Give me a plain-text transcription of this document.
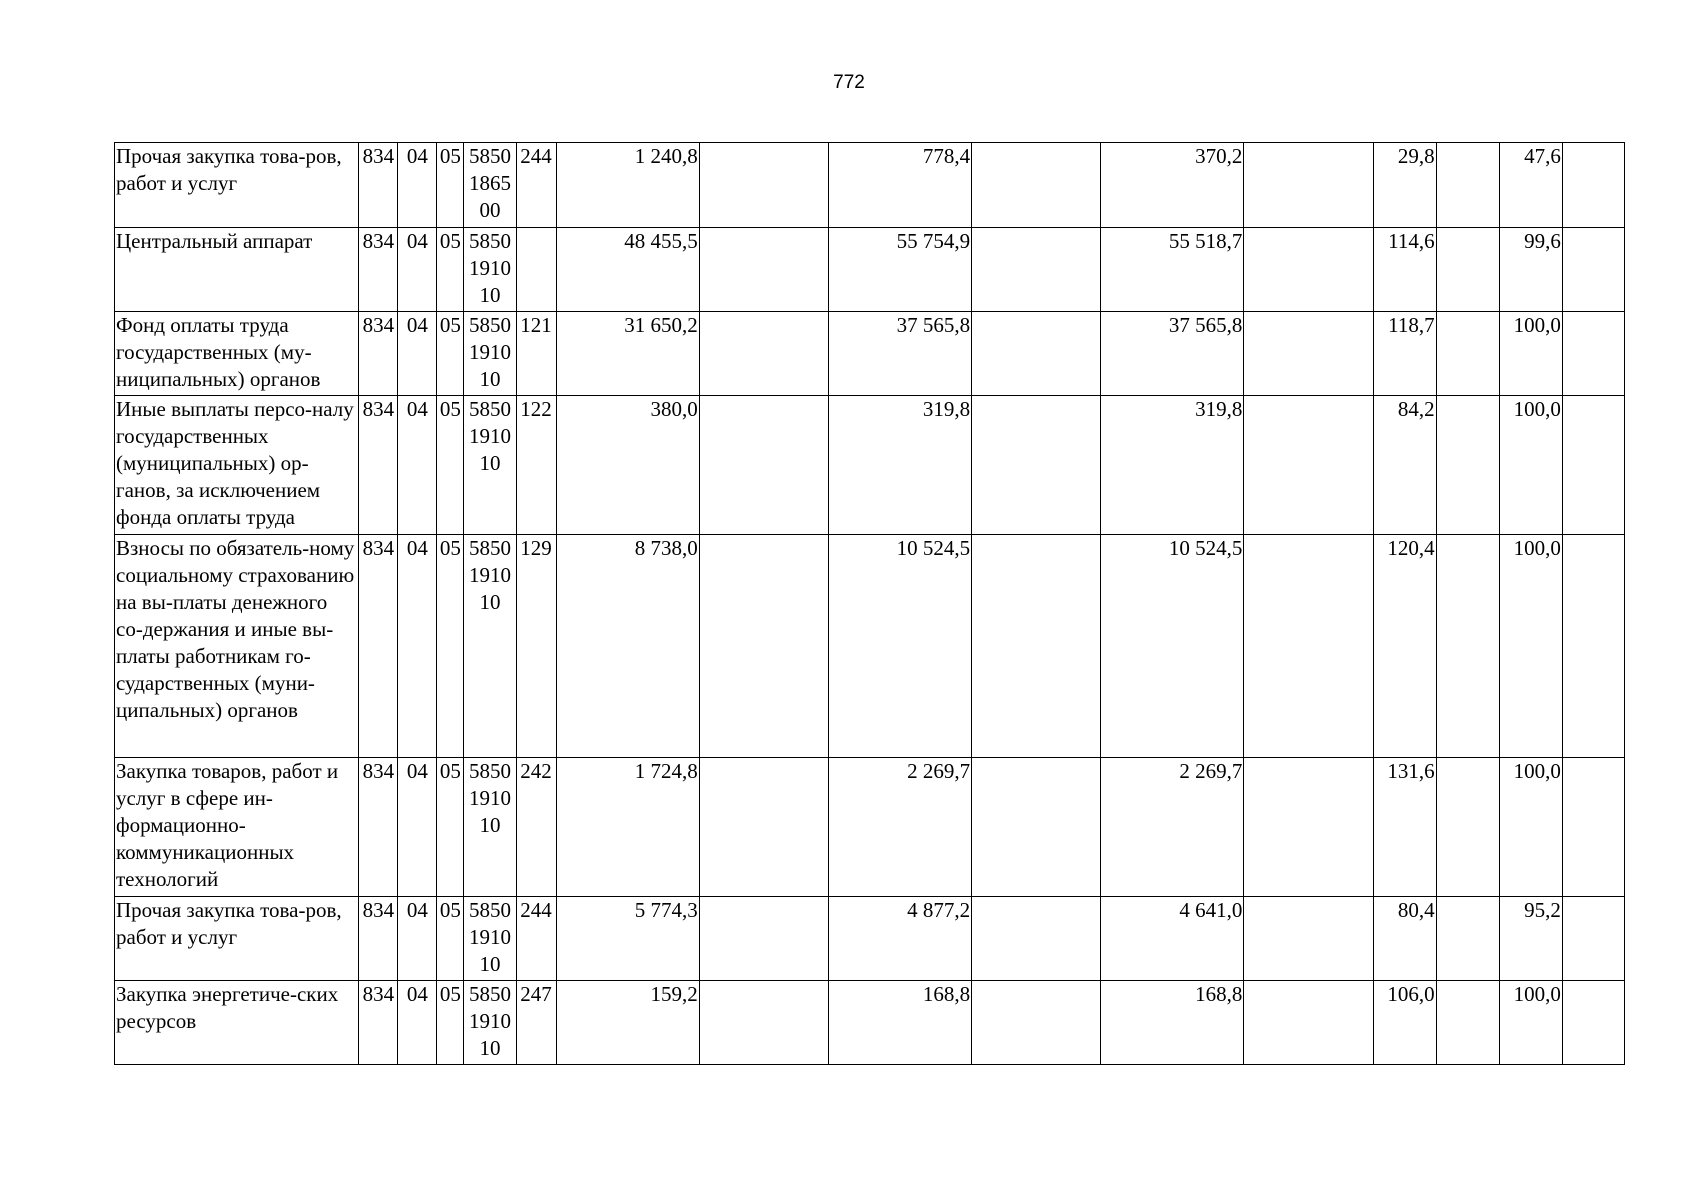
772
Прочая закупка това-ров, работ и услуг	834	04	05	5850
1865
00	244	1 240,8		778,4		370,2		29,8		47,6	
Центральный аппарат	834	04	05	5850
1910
10		48 455,5		55 754,9		55 518,7		114,6		99,6	
Фонд оплаты труда государственных (му-ниципальных) органов	834	04	05	5850
1910
10	121	31 650,2		37 565,8		37 565,8		118,7		100,0	
Иные выплаты персо-налу государственных (муниципальных) ор-ганов, за исключением фонда оплаты труда	834	04	05	5850
1910
10	122	380,0		319,8		319,8		84,2		100,0	
Взносы по обязатель-ному социальному страхованию на вы-платы денежного со-держания и иные вы-платы работникам го-сударственных (муни-ципальных) органов	834	04	05	5850
1910
10	129	8 738,0		10 524,5		10 524,5		120,4		100,0	
Закупка товаров, работ и услуг в сфере ин-формационно-коммуникационных технологий	834	04	05	5850
1910
10	242	1 724,8		2 269,7		2 269,7		131,6		100,0	
Прочая закупка това-ров, работ и услуг	834	04	05	5850
1910
10	244	5 774,3		4 877,2		4 641,0		80,4		95,2	
Закупка энергетиче-ских ресурсов	834	04	05	5850
1910
10	247	159,2		168,8		168,8		106,0		100,0	
